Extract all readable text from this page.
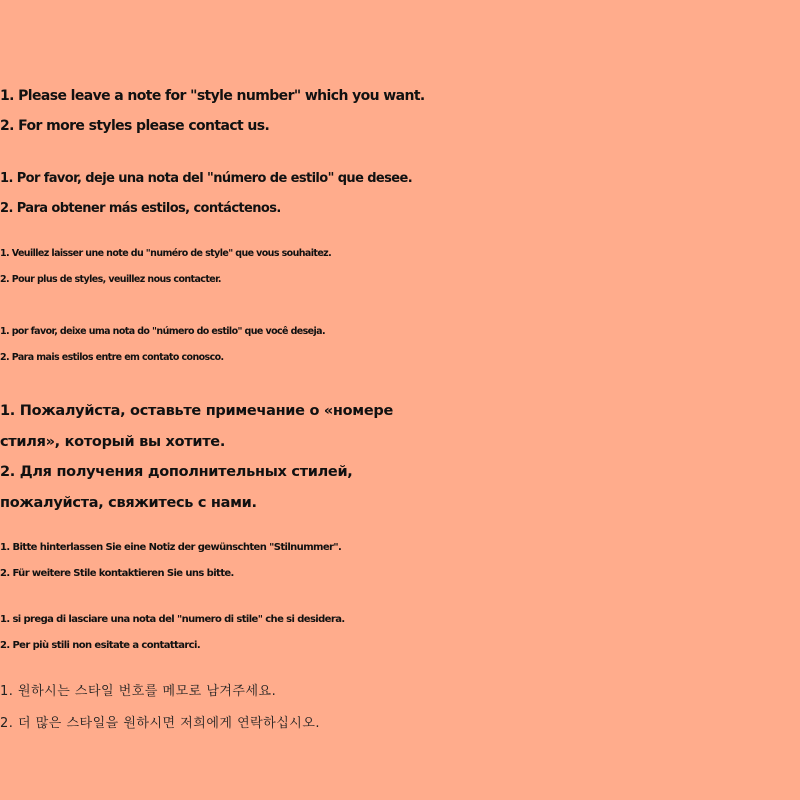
1. Please leave a note for "style number" which you want.
2. For more styles please contact us.
1. Por favor, deje una nota del "número de estilo" que desee.
2. Para obtener más estilos, contáctenos.
1. Veuillez laisser une note du "numéro de style" que vous souhaitez.
2. Pour plus de styles, veuillez nous contacter.
1. por favor, deixe uma nota do "número do estilo" que você deseja.
2. Para mais estilos entre em contato conosco.
1. Пожалуйста, оставьте примечание о «номере
стиля», который вы хотите.
2. Для получения дополнительных стилей,
пожалуйста, свяжитесь с нами.
1. Bitte hinterlassen Sie eine Notiz der gewünschten "Stilnummer".
2. Für weitere Stile kontaktieren Sie uns bitte.
1. si prega di lasciare una nota del "numero di stile" che si desidera.
2. Per più stili non esitate a contattarci.
1. 원하시는 스타일 번호를 메모로 남겨주세요.
2. 더 많은 스타일을 원하시면 저희에게 연락하십시오.
